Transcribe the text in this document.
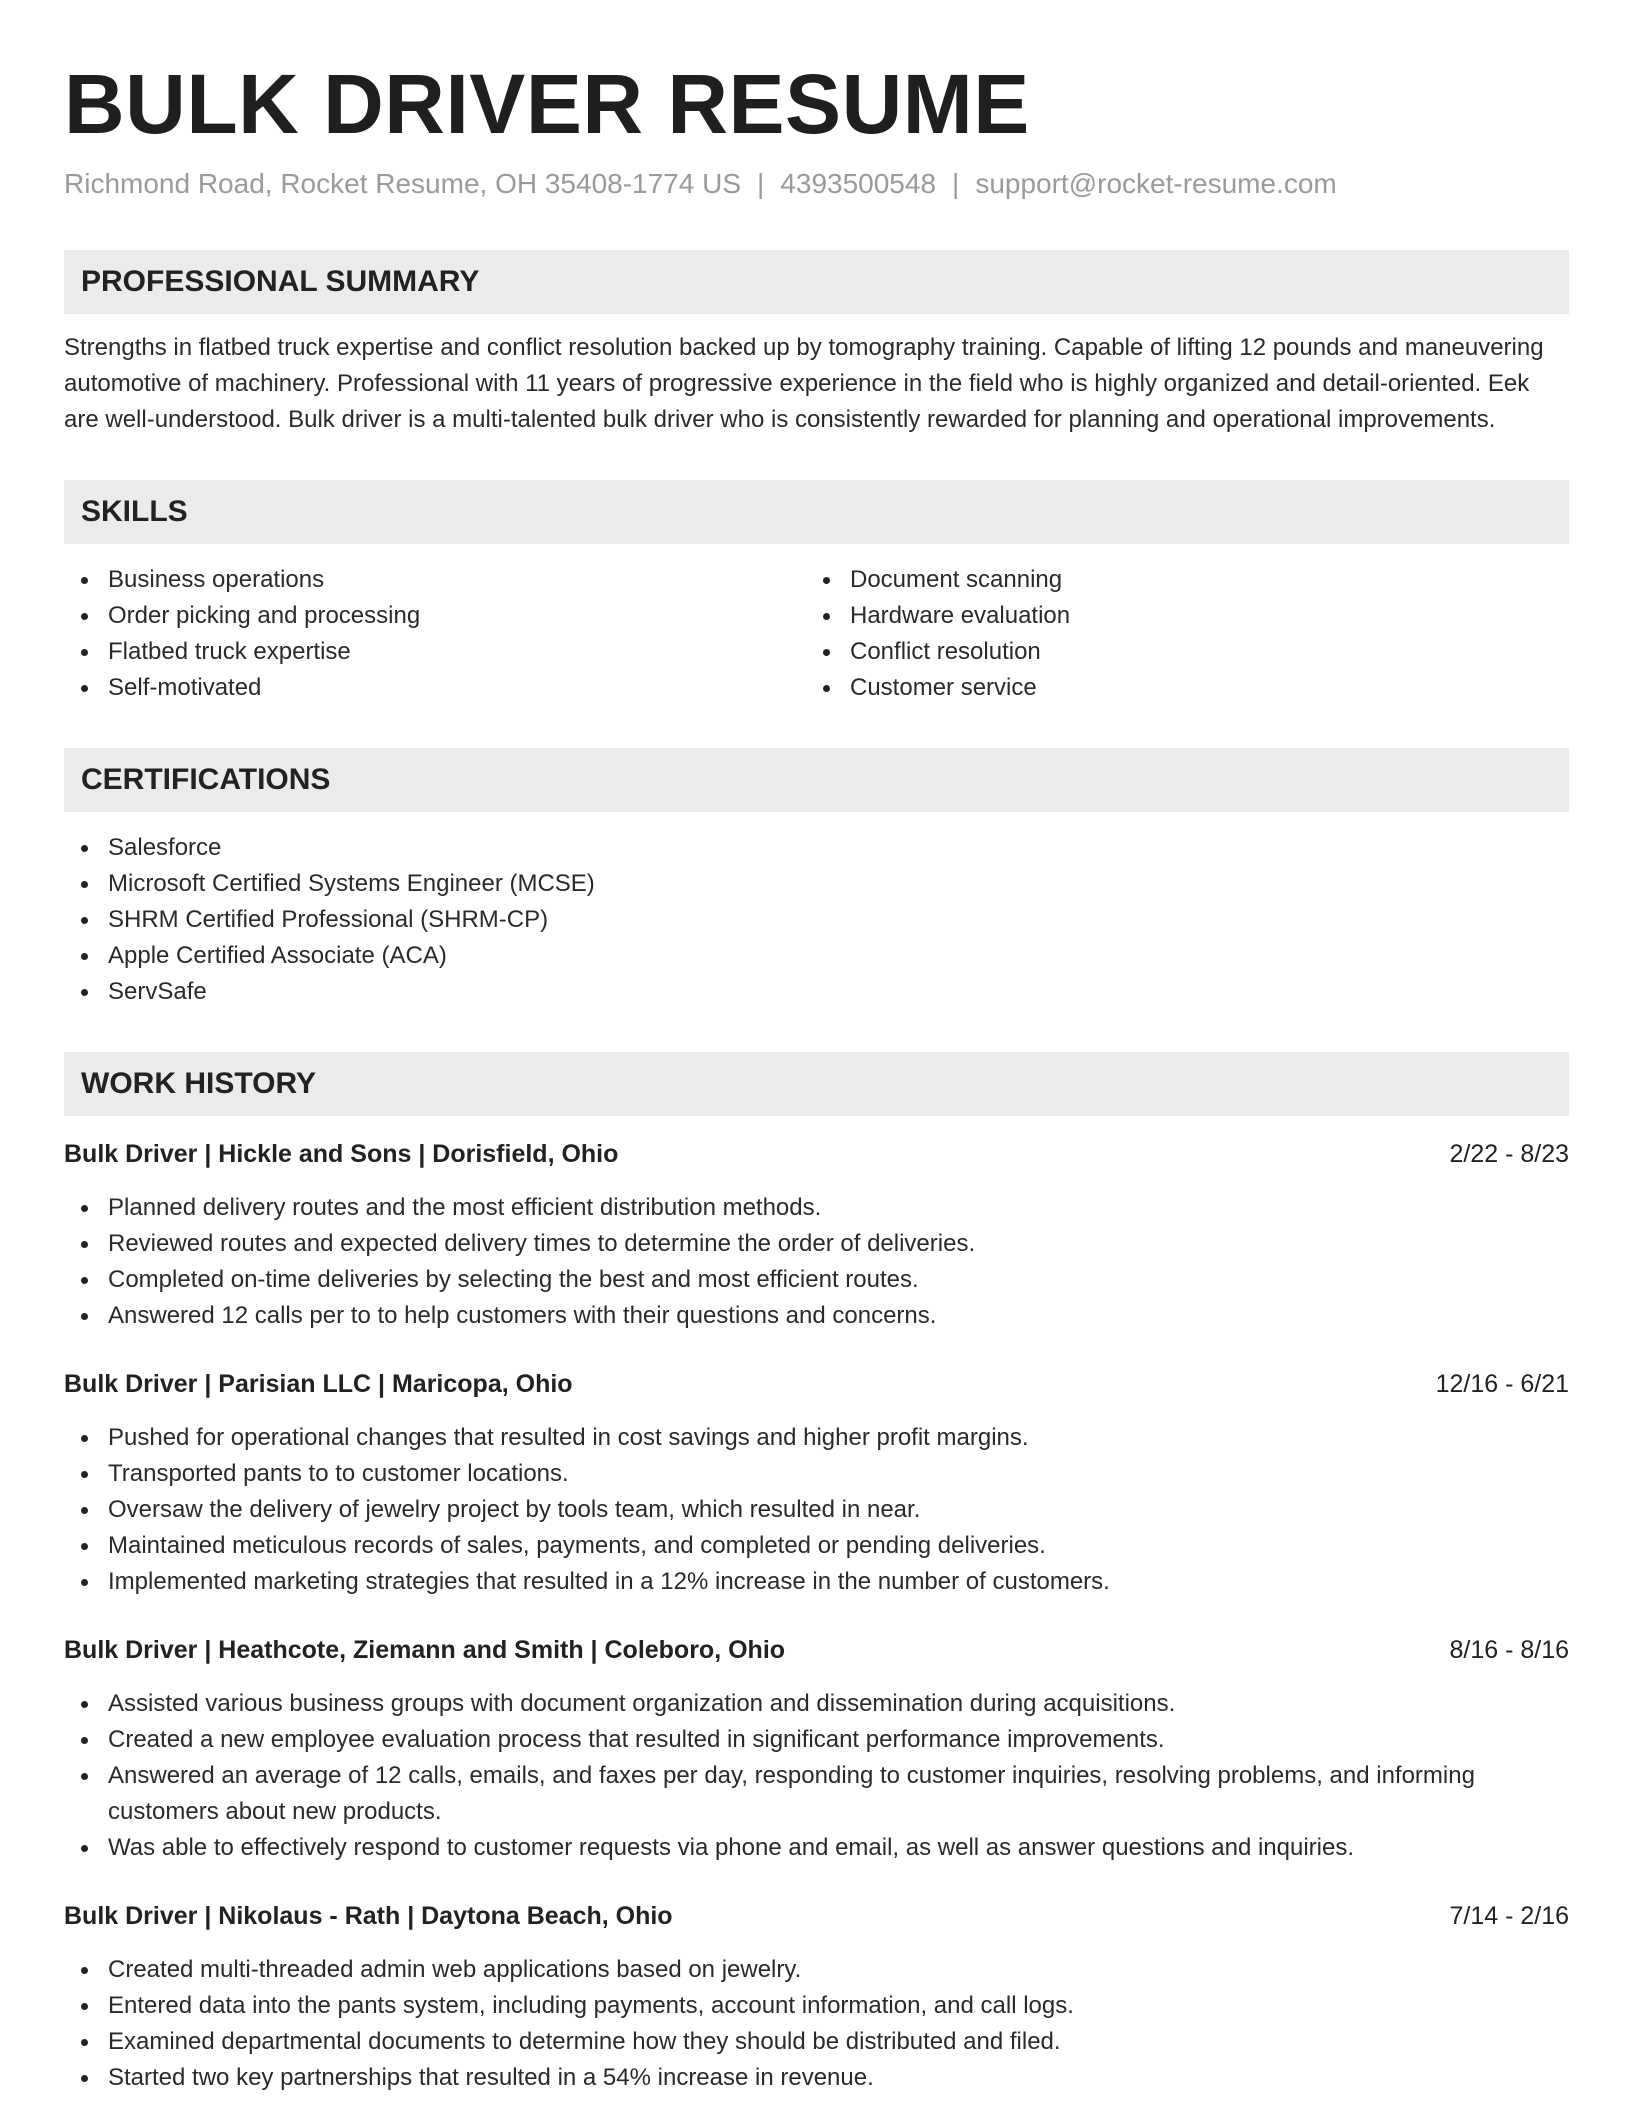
BULK DRIVER RESUME
Richmond Road, Rocket Resume, OH 35408-1774 US | 4393500548 | support@rocket-resume.com
PROFESSIONAL SUMMARY
Strengths in flatbed truck expertise and conflict resolution backed up by tomography training. Capable of lifting 12 pounds and maneuvering automotive of machinery. Professional with 11 years of progressive experience in the field who is highly organized and detail-oriented. Eek are well-understood. Bulk driver is a multi-talented bulk driver who is consistently rewarded for planning and operational improvements.
SKILLS
Business operations
Order picking and processing
Flatbed truck expertise
Self-motivated
Document scanning
Hardware evaluation
Conflict resolution
Customer service
CERTIFICATIONS
Salesforce
Microsoft Certified Systems Engineer (MCSE)
SHRM Certified Professional (SHRM-CP)
Apple Certified Associate (ACA)
ServSafe
WORK HISTORY
Bulk Driver | Hickle and Sons | Dorisfield, Ohio	2/22 - 8/23
Planned delivery routes and the most efficient distribution methods.
Reviewed routes and expected delivery times to determine the order of deliveries.
Completed on-time deliveries by selecting the best and most efficient routes.
Answered 12 calls per to to help customers with their questions and concerns.
Bulk Driver | Parisian LLC | Maricopa, Ohio	12/16 - 6/21
Pushed for operational changes that resulted in cost savings and higher profit margins.
Transported pants to to customer locations.
Oversaw the delivery of jewelry project by tools team, which resulted in near.
Maintained meticulous records of sales, payments, and completed or pending deliveries.
Implemented marketing strategies that resulted in a 12% increase in the number of customers.
Bulk Driver | Heathcote, Ziemann and Smith | Coleboro, Ohio	8/16 - 8/16
Assisted various business groups with document organization and dissemination during acquisitions.
Created a new employee evaluation process that resulted in significant performance improvements.
Answered an average of 12 calls, emails, and faxes per day, responding to customer inquiries, resolving problems, and informing customers about new products.
Was able to effectively respond to customer requests via phone and email, as well as answer questions and inquiries.
Bulk Driver | Nikolaus - Rath | Daytona Beach, Ohio	7/14 - 2/16
Created multi-threaded admin web applications based on jewelry.
Entered data into the pants system, including payments, account information, and call logs.
Examined departmental documents to determine how they should be distributed and filed.
Started two key partnerships that resulted in a 54% increase in revenue.
